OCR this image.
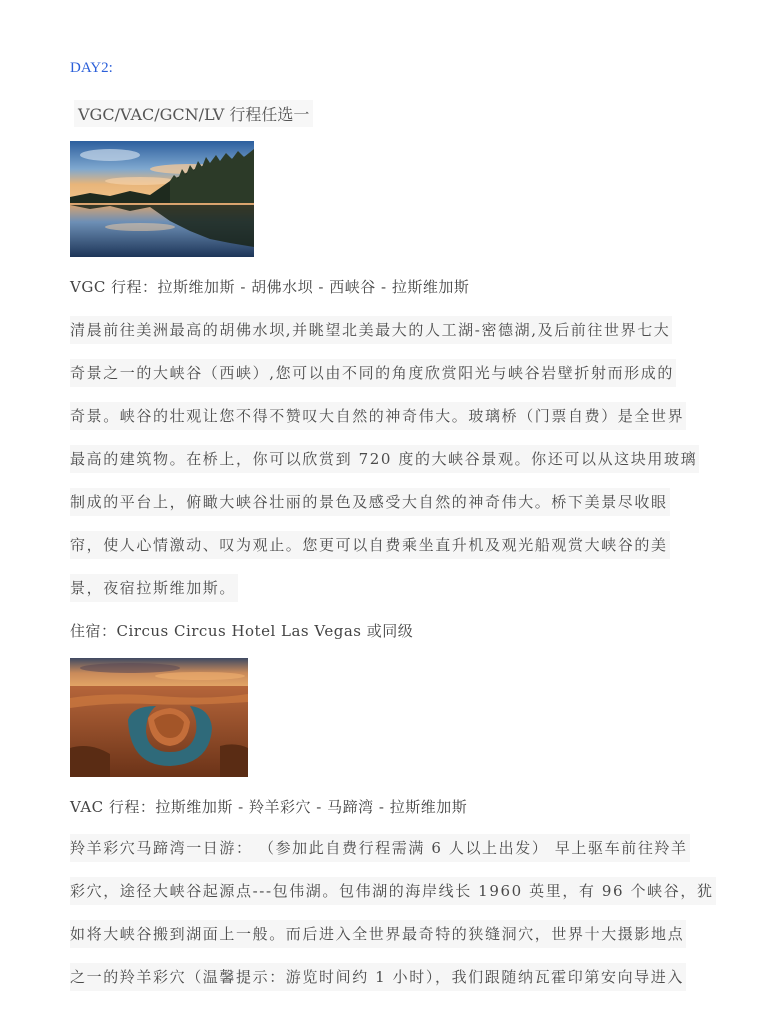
DAY2:
VGC/VAC/GCN/LV 行程任选一
VGC 行程：拉斯维加斯 - 胡佛水坝 - 西峡谷 - 拉斯维加斯
清晨前往美洲最高的胡佛水坝,并眺望北美最大的人工湖-密德湖,及后前往世界七大
奇景之一的大峡谷（西峡）,您可以由不同的角度欣赏阳光与峡谷岩壁折射而形成的
奇景。峡谷的壮观让您不得不赞叹大自然的神奇伟大。玻璃桥（门票自费）是全世界
最高的建筑物。在桥上，你可以欣赏到 720 度的大峡谷景观。你还可以从这块用玻璃
制成的平台上，俯瞰大峡谷壮丽的景色及感受大自然的神奇伟大。桥下美景尽收眼
帘，使人心情激动、叹为观止。您更可以自费乘坐直升机及观光船观赏大峡谷的美
景，夜宿拉斯维加斯。
住宿：Circus Circus Hotel Las Vegas 或同级
VAC 行程：拉斯维加斯 - 羚羊彩穴 - 马蹄湾 - 拉斯维加斯
羚羊彩穴马蹄湾一日游： （参加此自费行程需满 6 人以上出发） 早上驱车前往羚羊
彩穴，途径大峡谷起源点---包伟湖。包伟湖的海岸线长 1960 英里，有 96 个峡谷，犹
如将大峡谷搬到湖面上一般。而后进入全世界最奇特的狭缝洞穴，世界十大摄影地点
之一的羚羊彩穴（温馨提示：游览时间约 1 小时），我们跟随纳瓦霍印第安向导进入
